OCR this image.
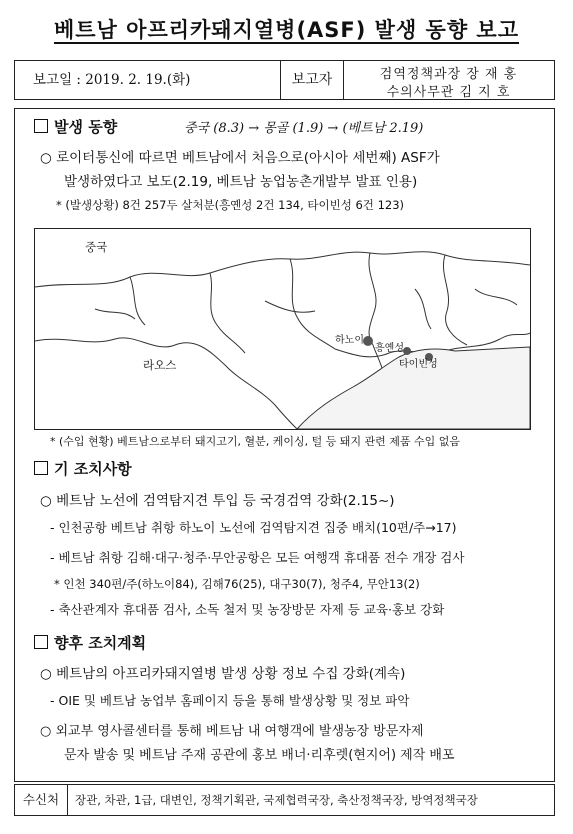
베트남 아프리카돼지열병(ASF) 발생 동향 보고
보고일 : 2019. 2. 19.(화)	보고자	검역정책과장 장 재 홍
수의사무관 김 지 호
발생 동향	중국 (8.3) → 몽골 (1.9) → (베트남 2.19)
○ 로이터통신에 따르면 베트남에서 처음으로(아시아 세번째) ASF가
발생하였다고 보도(2.19, 베트남 농업농촌개발부 발표 인용)
* (발생상황) 8건 257두 살처분(흥옌성 2건 134, 타이빈성 6건 123)
중국
라오스
하노이
흥옌성
타이빈성
* (수입 현황) 베트남으로부터 돼지고기, 혈분, 케이싱, 털 등 돼지 관련 제품 수입 없음
기 조치사항
○ 베트남 노선에 검역탐지견 투입 등 국경검역 강화(2.15~)
- 인천공항 베트남 취항 하노이 노선에 검역탐지견 집중 배치(10편/주→17)
- 베트남 취항 김해·대구·청주·무안공항은 모든 여행객 휴대품 전수 개장 검사
* 인천 340편/주(하노이84), 김해76(25), 대구30(7), 청주4, 무안13(2)
- 축산관계자 휴대품 검사, 소독 철저 및 농장방문 자제 등 교육·홍보 강화
향후 조치계획
○ 베트남의 아프리카돼지열병 발생 상황 정보 수집 강화(계속)
- OIE 및 베트남 농업부 홈페이지 등을 통해 발생상황 및 정보 파악
○ 외교부 영사콜센터를 통해 베트남 내 여행객에 발생농장 방문자제
문자 발송 및 베트남 주재 공관에 홍보 배너·리후렛(현지어) 제작 배포
수신처	장관, 차관, 1급, 대변인, 정책기획관, 국제협력국장, 축산정책국장, 방역정책국장
